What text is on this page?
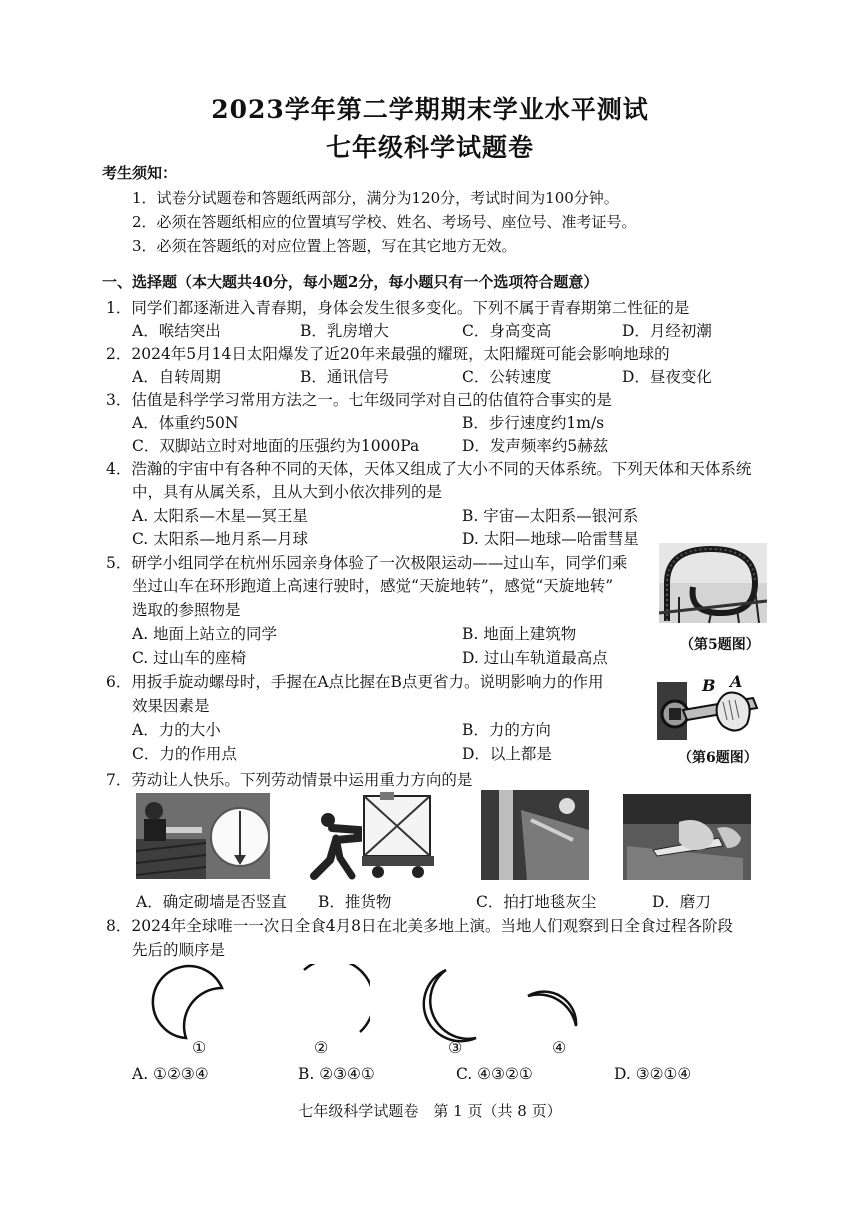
2023学年第二学期期末学业水平测试
七年级科学试题卷
考生须知：
1．试卷分试题卷和答题纸两部分，满分为120分，考试时间为100分钟。
2．必须在答题纸相应的位置填写学校、姓名、考场号、座位号、准考证号。
3．必须在答题纸的对应位置上答题，写在其它地方无效。
一、选择题（本大题共40分，每小题2分，每小题只有一个选项符合题意）
1．同学们都逐渐进入青春期，身体会发生很多变化。下列不属于青春期第二性征的是
A．喉结突出	B．乳房增大	C．身高变高	D．月经初潮
2．2024年5月14日太阳爆发了近20年来最强的耀斑，太阳耀斑可能会影响地球的
A．自转周期	B．通讯信号	C．公转速度	D．昼夜变化
3．估值是科学学习常用方法之一。七年级同学对自己的估值符合事实的是
A．体重约50N	B．步行速度约1m/s
C．双脚站立时对地面的压强约为1000Pa	D．发声频率约5赫兹
4．浩瀚的宇宙中有各种不同的天体，天体又组成了大小不同的天体系统。下列天体和天体系统
中，具有从属关系，且从大到小依次排列的是
A. 太阳系—木星—冥王星	B. 宇宙—太阳系—银河系
C. 太阳系—地月系—月球	D. 太阳—地球—哈雷彗星
5．研学小组同学在杭州乐园亲身体验了一次极限运动——过山车，同学们乘
坐过山车在环形跑道上高速行驶时，感觉“天旋地转”，感觉“天旋地转”
选取的参照物是
A. 地面上站立的同学	B. 地面上建筑物
C. 过山车的座椅	D. 过山车轨道最高点
（第5题图）
6．用扳手旋动螺母时，手握在A点比握在B点更省力。说明影响力的作用
效果因素是
A．力的大小	B．力的方向
C．力的作用点	D．以上都是
B A
（第6题图）
7．劳动让人快乐。下列劳动情景中运用重力方向的是
A．确定砌墙是否竖直 B．推货物	C．拍打地毯灰尘	D．磨刀
8．2024年全球唯一一次日全食4月8日在北美多地上演。当地人们观察到日全食过程各阶段
先后的顺序是
①	②	③	④
A. ①②③④	B. ②③④①	C. ④③②①	D. ③②①④
七年级科学试题卷　第 1 页（共 8 页）
